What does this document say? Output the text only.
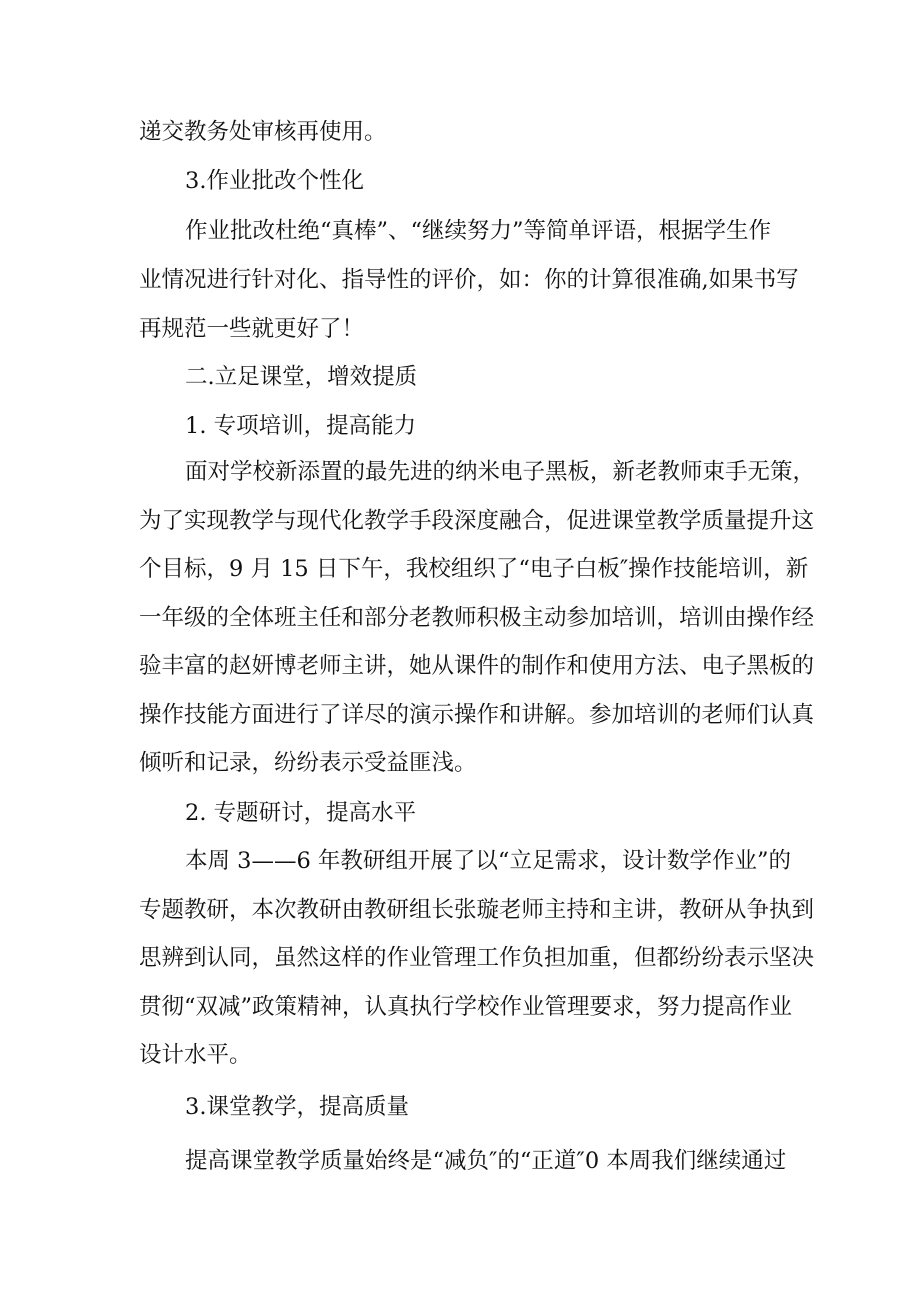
递交教务处审核再使用。
3.作业批改个性化
作业批改杜绝“真棒”、“继续努力”等简单评语，根据学生作
业情况进行针对化、指导性的评价，如：你的计算很准确,如果书写
再规范一些就更好了！
二.立足课堂，增效提质
1. 专项培训，提高能力
面对学校新添置的最先进的纳米电子黑板，新老教师束手无策，
为了实现教学与现代化教学手段深度融合，促进课堂教学质量提升这
个目标，9 月 15 日下午，我校组织了“电子白板″操作技能培训，新
一年级的全体班主任和部分老教师积极主动参加培训，培训由操作经
验丰富的赵妍博老师主讲，她从课件的制作和使用方法、电子黑板的
操作技能方面进行了详尽的演示操作和讲解。参加培训的老师们认真
倾听和记录，纷纷表示受益匪浅。
2. 专题研讨，提高水平
本周 3——6 年教研组开展了以“立足需求，设计数学作业”的
专题教研，本次教研由教研组长张璇老师主持和主讲，教研从争执到
思辨到认同，虽然这样的作业管理工作负担加重，但都纷纷表示坚决
贯彻“双减”政策精神，认真执行学校作业管理要求，努力提高作业
设计水平。
3.课堂教学，提高质量
提高课堂教学质量始终是“减负″的“正道″0 本周我们继续通过
